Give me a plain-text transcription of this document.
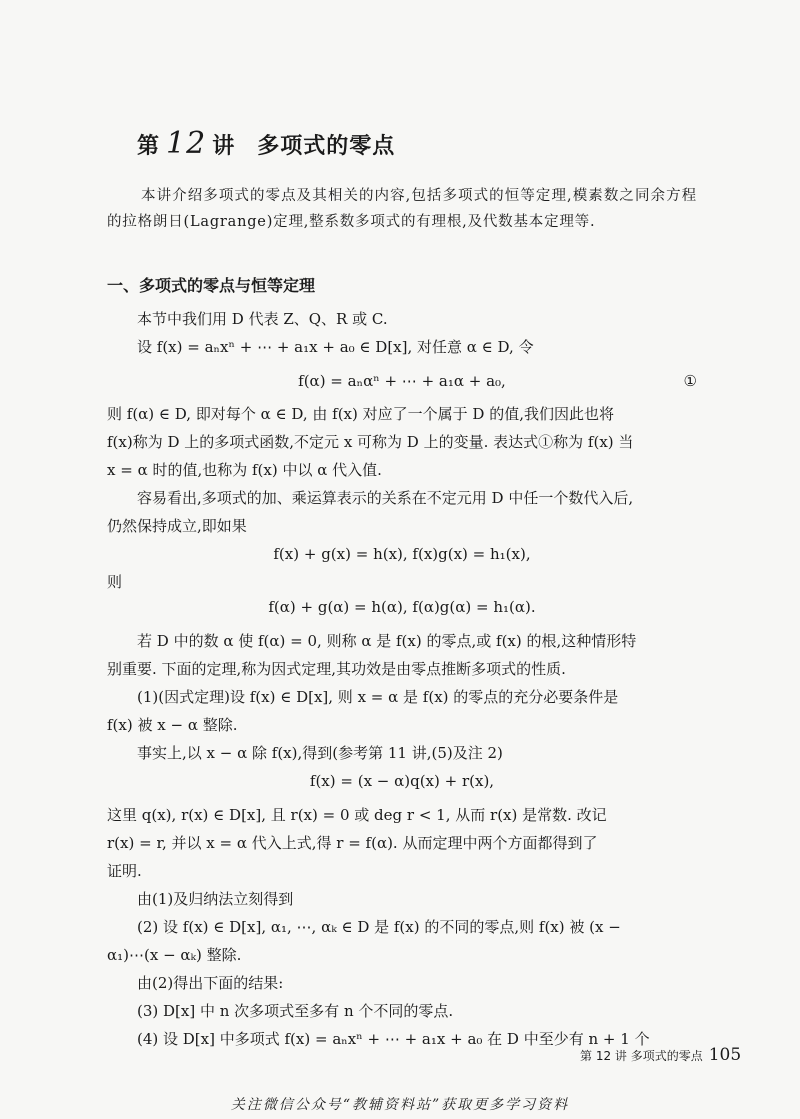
第 12 讲 多项式的零点
本讲介绍多项式的零点及其相关的内容,包括多项式的恒等定理,模素数之同余方程的拉格朗日(Lagrange)定理,整系数多项式的有理根,及代数基本定理等.
一、多项式的零点与恒等定理
本节中我们用 D 代表 Z、Q、R 或 C.
设 f(x) = aₙxⁿ + ⋯ + a₁x + a₀ ∈ D[x], 对任意 α ∈ D, 令
f(α) = aₙαⁿ + ⋯ + a₁α + a₀,	①
则 f(α) ∈ D, 即对每个 α ∈ D, 由 f(x) 对应了一个属于 D 的值,我们因此也将
f(x)称为 D 上的多项式函数,不定元 x 可称为 D 上的变量. 表达式①称为 f(x) 当
x = α 时的值,也称为 f(x) 中以 α 代入值.
容易看出,多项式的加、乘运算表示的关系在不定元用 D 中任一个数代入后,
仍然保持成立,即如果
f(x) + g(x) = h(x), f(x)g(x) = h₁(x),
则
f(α) + g(α) = h(α), f(α)g(α) = h₁(α).
若 D 中的数 α 使 f(α) = 0, 则称 α 是 f(x) 的零点,或 f(x) 的根,这种情形特
别重要. 下面的定理,称为因式定理,其功效是由零点推断多项式的性质.
(1)(因式定理)设 f(x) ∈ D[x], 则 x = α 是 f(x) 的零点的充分必要条件是
f(x) 被 x − α 整除.
事实上,以 x − α 除 f(x),得到(参考第 11 讲,(5)及注 2)
f(x) = (x − α)q(x) + r(x),
这里 q(x), r(x) ∈ D[x], 且 r(x) = 0 或 deg r < 1, 从而 r(x) 是常数. 改记
r(x) = r, 并以 x = α 代入上式,得 r = f(α). 从而定理中两个方面都得到了
证明.
由(1)及归纳法立刻得到
(2) 设 f(x) ∈ D[x], α₁, ⋯, αₖ ∈ D 是 f(x) 的不同的零点,则 f(x) 被 (x −
α₁)⋯(x − αₖ) 整除.
由(2)得出下面的结果:
(3) D[x] 中 n 次多项式至多有 n 个不同的零点.
(4) 设 D[x] 中多项式 f(x) = aₙxⁿ + ⋯ + a₁x + a₀ 在 D 中至少有 n + 1 个
第 12 讲 多项式的零点 105
关注微信公众号“教辅资料站”获取更多学习资料
